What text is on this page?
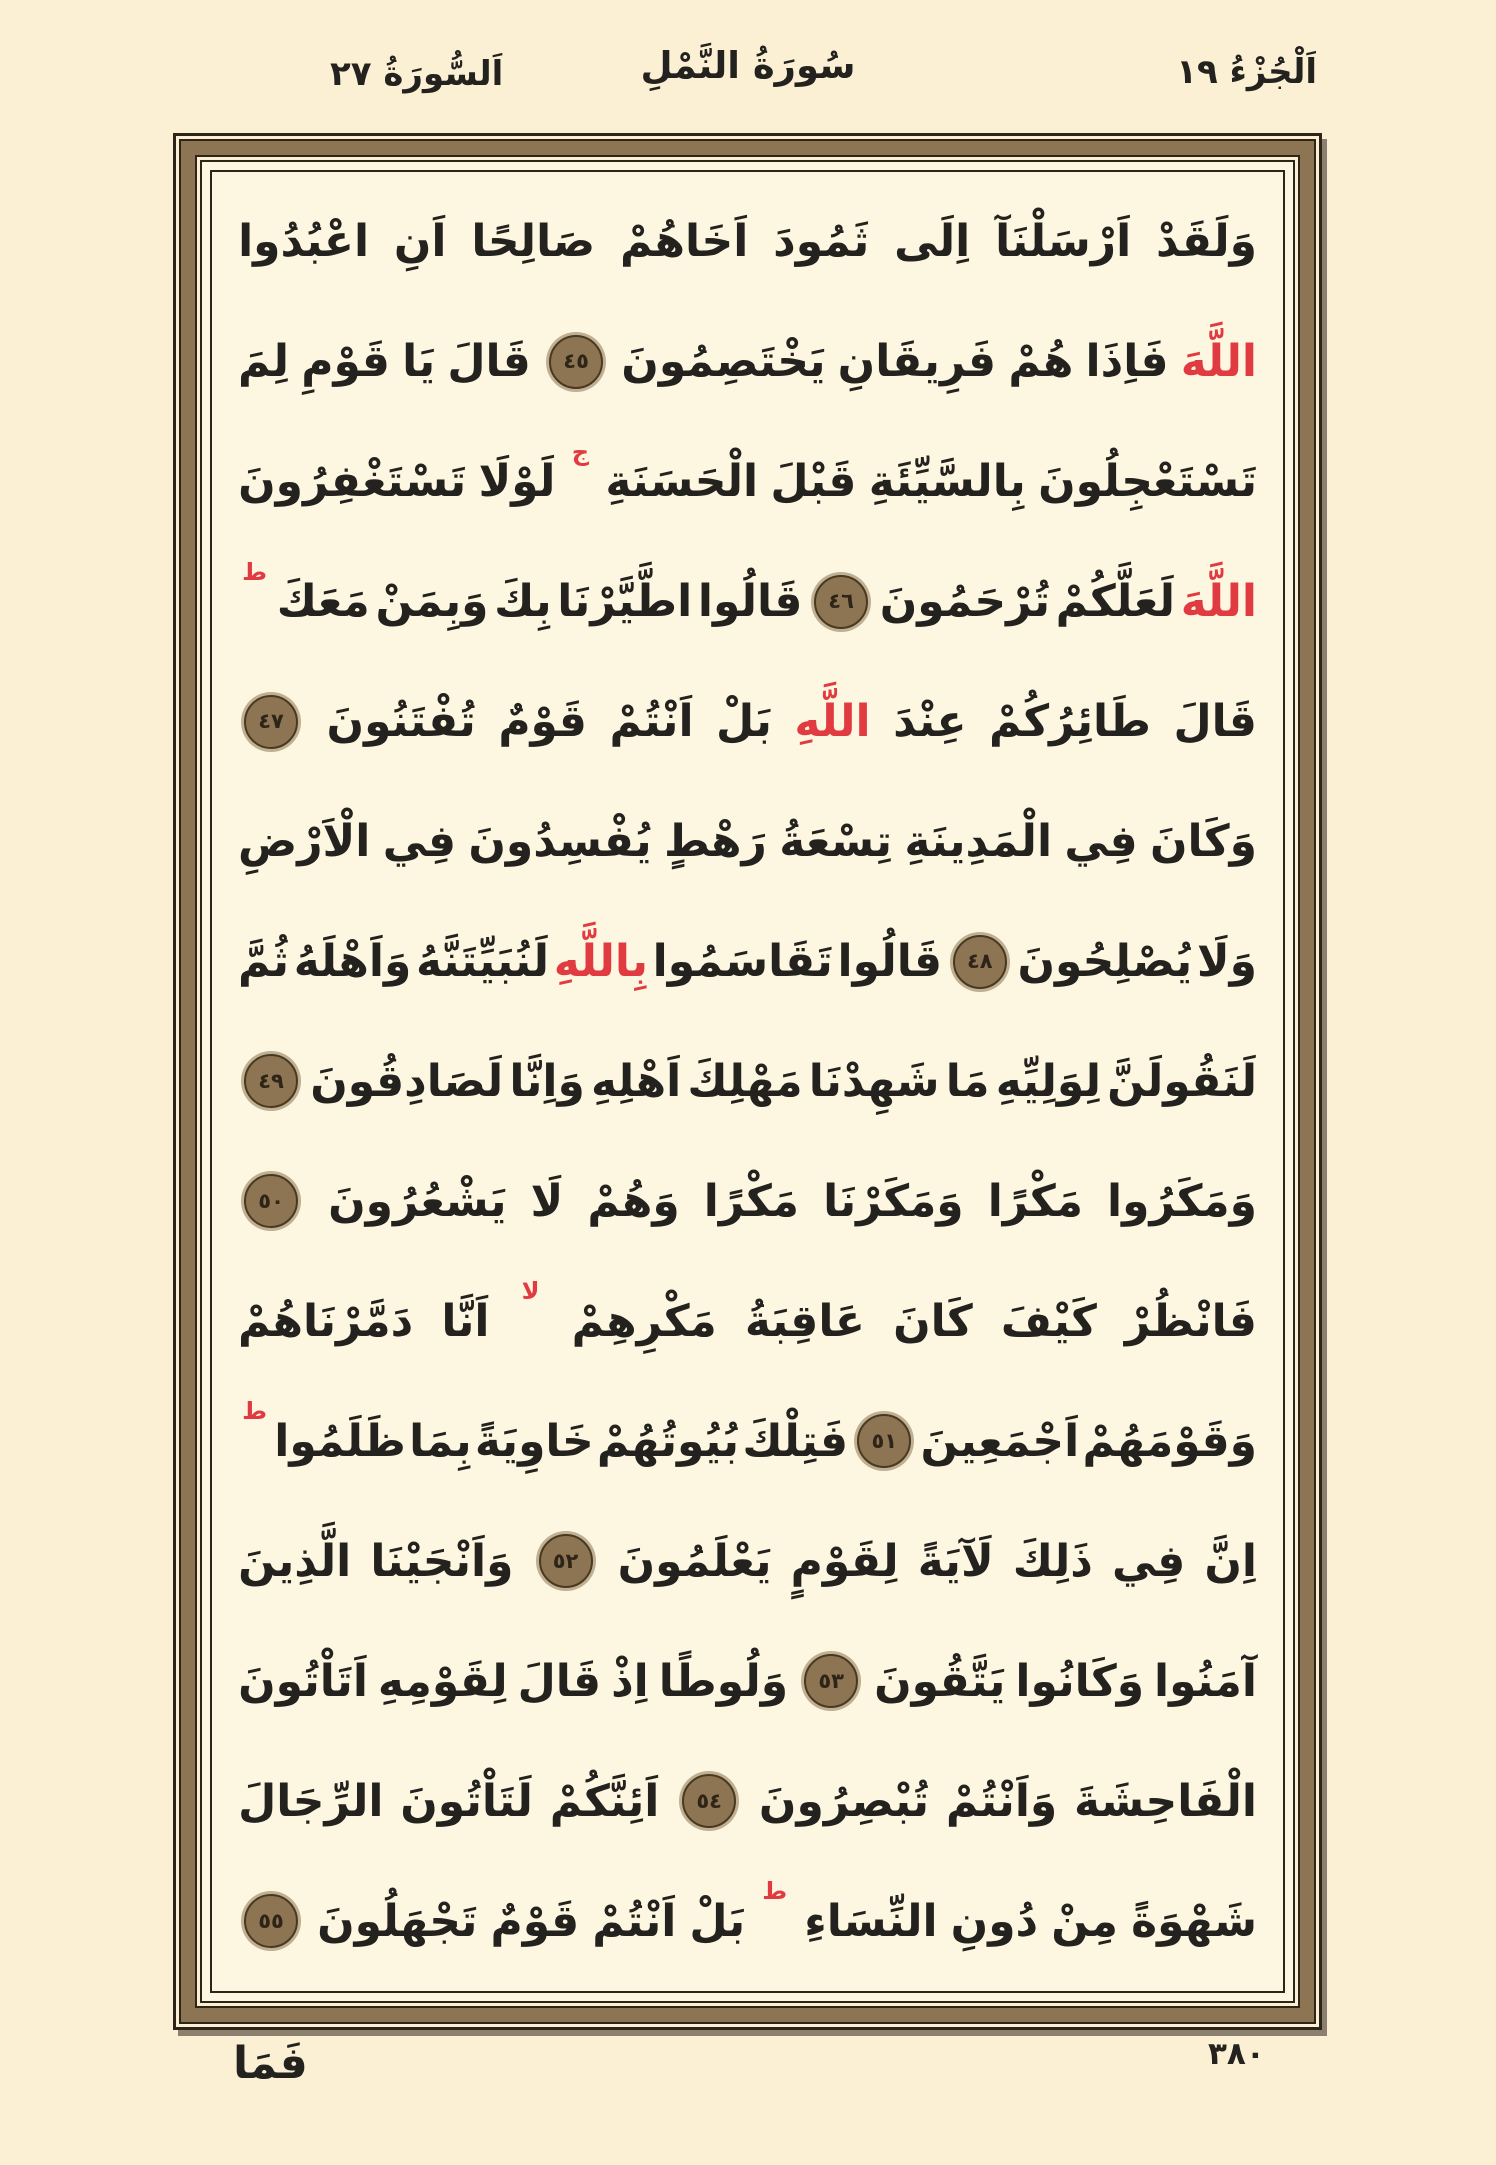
اَلسُّورَةُ ٢٧	سُورَةُ النَّمْلِ	اَلْجُزْءُ ١٩
وَلَقَدْ
اَرْسَلْنَآ
اِلَى
ثَمُودَ
اَخَاهُمْ
صَالِحًا
اَنِ
اعْبُدُوا
اللَّهَ
فَاِذَا
هُمْ
فَرِيقَانِ
يَخْتَصِمُونَ
٤٥
قَالَ
يَا
قَوْمِ
لِمَ
تَسْتَعْجِلُونَ
بِالسَّيِّئَةِ
قَبْلَ
الْحَسَنَةِ
ج
لَوْلَا
تَسْتَغْفِرُونَ
اللَّهَ
لَعَلَّكُمْ
تُرْحَمُونَ
٤٦
قَالُوا
اطَّيَّرْنَا
بِكَ
وَبِمَنْ
مَعَكَ
ط
قَالَ
طَائِرُكُمْ
عِنْدَ
اللَّهِ
بَلْ
اَنْتُمْ
قَوْمٌ
تُفْتَنُونَ
٤٧
وَكَانَ
فِي
الْمَدِينَةِ
تِسْعَةُ
رَهْطٍ
يُفْسِدُونَ
فِي
الْاَرْضِ
وَلَا
يُصْلِحُونَ
٤٨
قَالُوا
تَقَاسَمُوا
بِاللَّهِ
لَنُبَيِّتَنَّهُ
وَاَهْلَهُ
ثُمَّ
لَنَقُولَنَّ
لِوَلِيِّهِ
مَا
شَهِدْنَا
مَهْلِكَ
اَهْلِهِ
وَاِنَّا
لَصَادِقُونَ
٤٩
وَمَكَرُوا
مَكْرًا
وَمَكَرْنَا
مَكْرًا
وَهُمْ
لَا
يَشْعُرُونَ
٥٠
فَانْظُرْ
كَيْفَ
كَانَ
عَاقِبَةُ
مَكْرِهِمْ
لا
اَنَّا
دَمَّرْنَاهُمْ
وَقَوْمَهُمْ
اَجْمَعِينَ
٥١
فَتِلْكَ
بُيُوتُهُمْ
خَاوِيَةً
بِمَا
ظَلَمُوا
ط
اِنَّ
فِي
ذَلِكَ
لَآيَةً
لِقَوْمٍ
يَعْلَمُونَ
٥٢
وَاَنْجَيْنَا
الَّذِينَ
آمَنُوا
وَكَانُوا
يَتَّقُونَ
٥٣
وَلُوطًا
اِذْ
قَالَ
لِقَوْمِهِ
اَتَاْتُونَ
الْفَاحِشَةَ
وَاَنْتُمْ
تُبْصِرُونَ
٥٤
اَئِنَّكُمْ
لَتَاْتُونَ
الرِّجَالَ
شَهْوَةً
مِنْ
دُونِ
النِّسَاءِ
ط
بَلْ
اَنْتُمْ
قَوْمٌ
تَجْهَلُونَ
٥٥
فَمَا	٣٨٠
